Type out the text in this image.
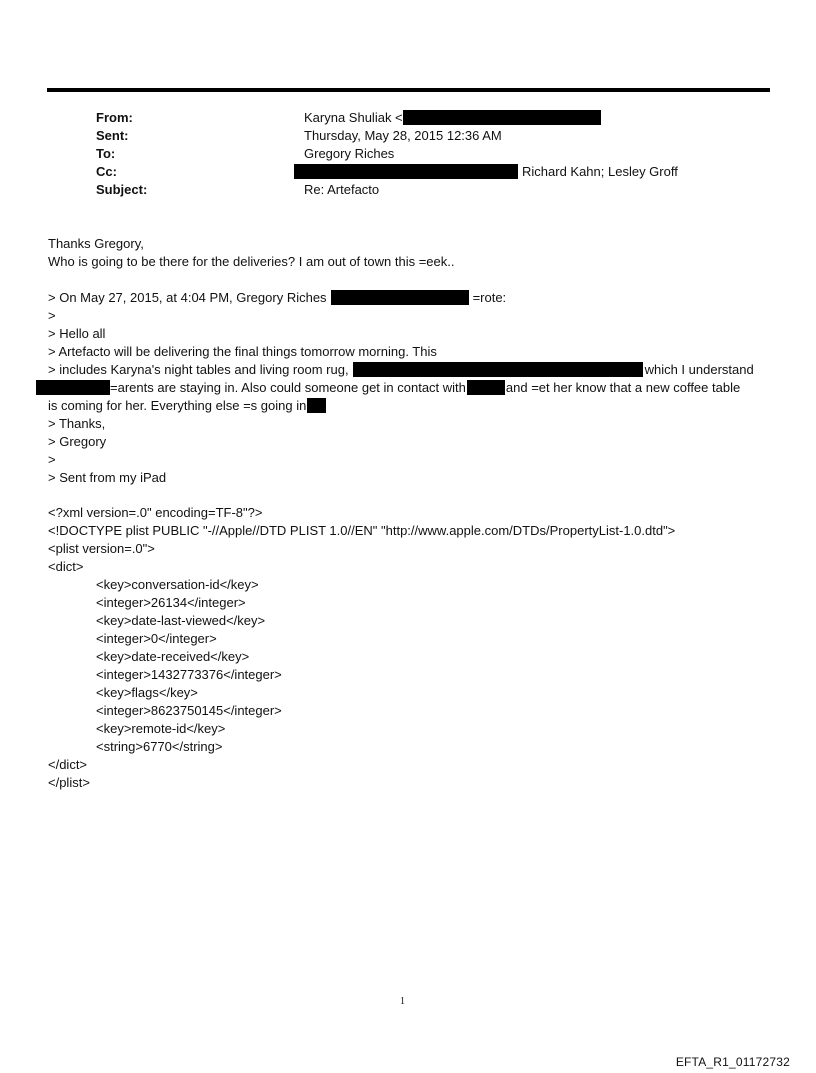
From:	Karyna Shuliak <
Sent:	Thursday, May 28, 2015 12:36 AM
To:	Gregory Riches
Cc:	Richard Kahn; Lesley Groff
Subject:	Re: Artefacto
Thanks Gregory,
Who is going to be there for the deliveries? I am out of town this =eek..
> On May 27, 2015, at 4:04 PM, Gregory Riches	=rote:
>
> Hello all
> Artefacto will be delivering the final things tomorrow morning. This
> includes Karyna's night tables and living room rug,	which I understand
=arents are staying in. Also could someone get in contact with	and =et her know that a new coffee table
is coming for her. Everything else =s going in
> Thanks,
> Gregory
>
> Sent from my iPad
<?xml version=.0" encoding=TF-8"?>
<!DOCTYPE plist PUBLIC "-//Apple//DTD PLIST 1.0//EN" "http://www.apple.com/DTDs/PropertyList-1.0.dtd">
<plist version=.0">
<dict>
<key>conversation-id</key>
<integer>26134</integer>
<key>date-last-viewed</key>
<integer>0</integer>
<key>date-received</key>
<integer>1432773376</integer>
<key>flags</key>
<integer>8623750145</integer>
<key>remote-id</key>
<string>6770</string>
</dict>
</plist>
1
EFTA_R1_01172732
